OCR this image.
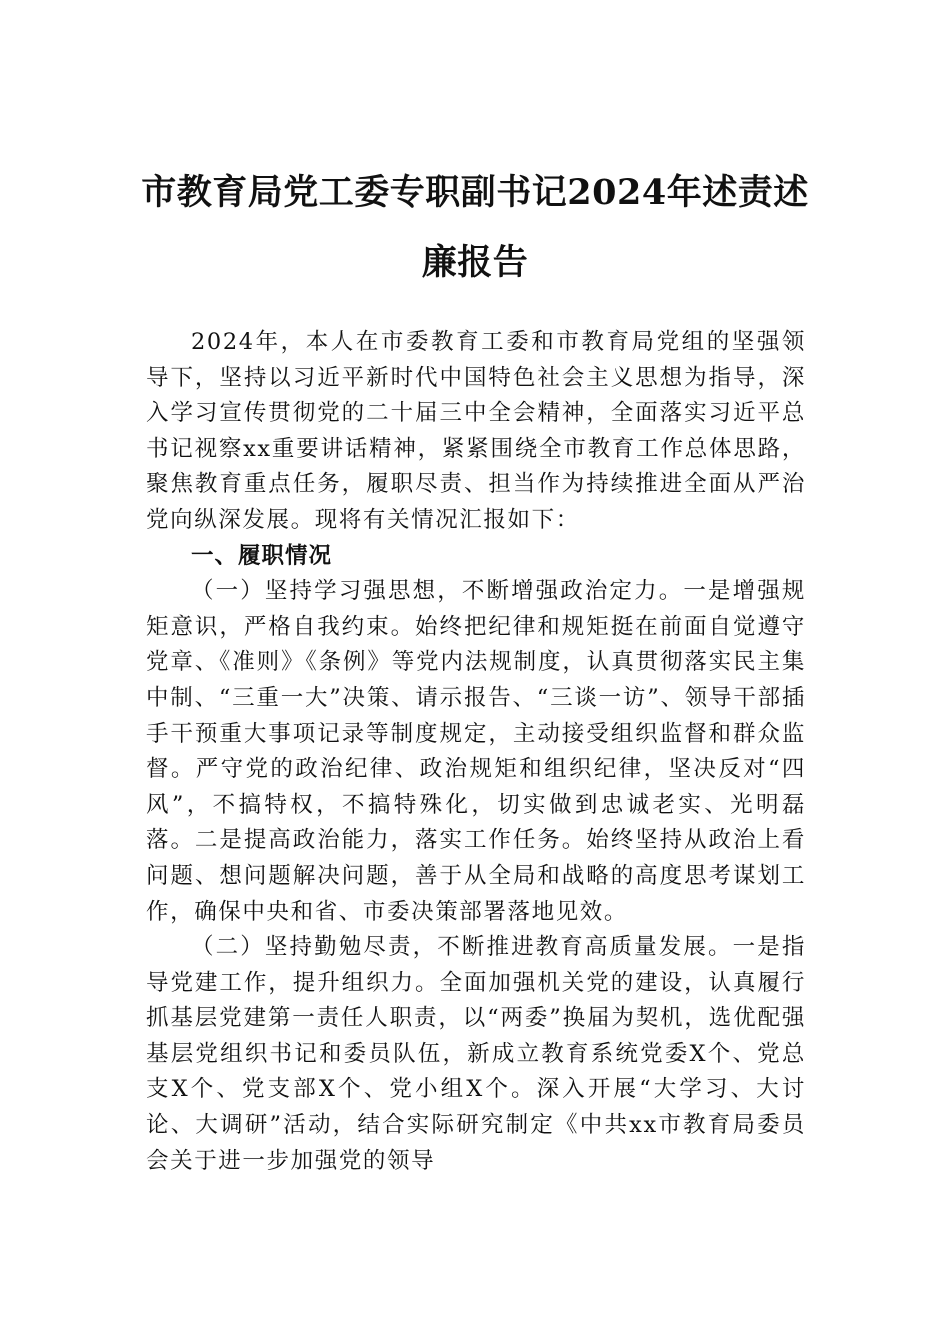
市教育局党工委专职副书记2024年述责述廉报告

2024年，本人在市委教育工委和市教育局党组的坚强领导下，坚持以习近平新时代中国特色社会主义思想为指导，深入学习宣传贯彻党的二十届三中全会精神，全面落实习近平总书记视察xx重要讲话精神，紧紧围绕全市教育工作总体思路，聚焦教育重点任务，履职尽责、担当作为持续推进全面从严治党向纵深发展。现将有关情况汇报如下：

一、履职情况

（一）坚持学习强思想，不断增强政治定力。一是增强规矩意识，严格自我约束。始终把纪律和规矩挺在前面自觉遵守党章、《准则》《条例》等党内法规制度，认真贯彻落实民主集中制、“三重一大”决策、请示报告、“三谈一访”、领导干部插手干预重大事项记录等制度规定，主动接受组织监督和群众监督。严守党的政治纪律、政治规矩和组织纪律，坚决反对“四风”，不搞特权，不搞特殊化，切实做到忠诚老实、光明磊落。二是提高政治能力，落实工作任务。始终坚持从政治上看问题、想问题解决问题，善于从全局和战略的高度思考谋划工作，确保中央和省、市委决策部署落地见效。

（二）坚持勤勉尽责，不断推进教育高质量发展。一是指导党建工作，提升组织力。全面加强机关党的建设，认真履行抓基层党建第一责任人职责，以“两委”换届为契机，选优配强基层党组织书记和委员队伍，新成立教育系统党委X个、党总支X个、党支部X个、党小组X个。深入开展“大学习、大讨论、大调研”活动，结合实际研究制定《中共xx市教育局委员会关于进一步加强党的领导
